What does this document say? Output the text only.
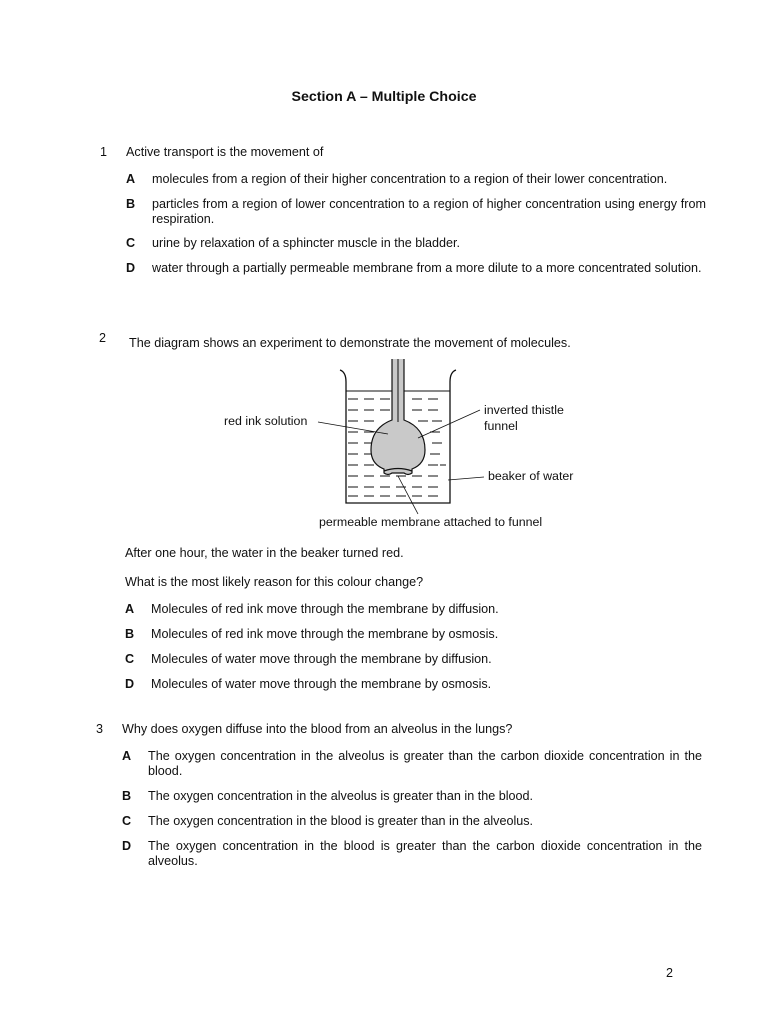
Section A – Multiple Choice
1 Active transport is the movement of
A molecules from a region of their higher concentration to a region of their lower concentration.
B particles from a region of lower concentration to a region of higher concentration using energy from respiration.
C urine by relaxation of a sphincter muscle in the bladder.
D water through a partially permeable membrane from a more dilute to a more concentrated solution.
2 The diagram shows an experiment to demonstrate the movement of molecules.
red ink solution
inverted thistle
funnel
beaker of water
permeable membrane attached to funnel
After one hour, the water in the beaker turned red.
What is the most likely reason for this colour change?
A Molecules of red ink move through the membrane by diffusion.
B Molecules of red ink move through the membrane by osmosis.
C Molecules of water move through the membrane by diffusion.
D Molecules of water move through the membrane by osmosis.
3 Why does oxygen diffuse into the blood from an alveolus in the lungs?
A The oxygen concentration in the alveolus is greater than the carbon dioxide concentration in the blood.
B The oxygen concentration in the alveolus is greater than in the blood.
C The oxygen concentration in the blood is greater than in the alveolus.
D The oxygen concentration in the blood is greater than the carbon dioxide concentration in the alveolus.
2
